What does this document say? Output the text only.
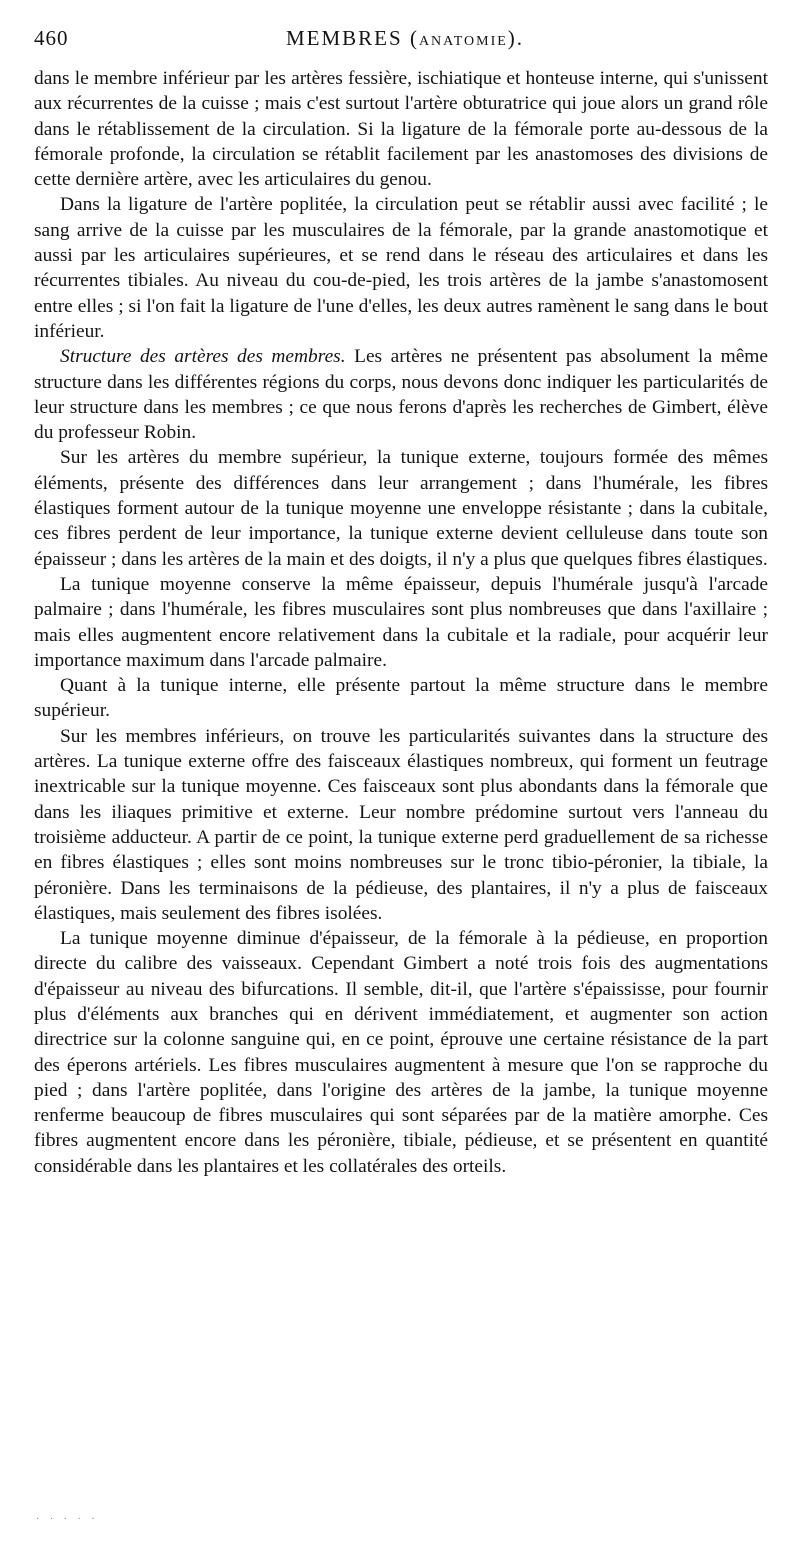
460	MEMBRES (ANATOMIE).

dans le membre inférieur par les artères fessière, ischiatique et honteuse interne, qui s'unissent aux récurrentes de la cuisse ; mais c'est surtout l'artère obturatrice qui joue alors un grand rôle dans le rétablissement de la circulation. Si la ligature de la fémorale porte au-dessous de la fémorale profonde, la circulation se rétablit facilement par les anastomoses des divisions de cette dernière artère, avec les articulaires du genou.

Dans la ligature de l'artère poplitée, la circulation peut se rétablir aussi avec facilité ; le sang arrive de la cuisse par les musculaires de la fémorale, par la grande anastomotique et aussi par les articulaires supérieures, et se rend dans le réseau des articulaires et dans les récurrentes tibiales. Au niveau du cou-de-pied, les trois artères de la jambe s'anastomosent entre elles ; si l'on fait la ligature de l'une d'elles, les deux autres ramènent le sang dans le bout inférieur.

Structure des artères des membres. Les artères ne présentent pas absolument la même structure dans les différentes régions du corps, nous devons donc indiquer les particularités de leur structure dans les membres ; ce que nous ferons d'après les recherches de Gimbert, élève du professeur Robin.

Sur les artères du membre supérieur, la tunique externe, toujours formée des mêmes éléments, présente des différences dans leur arrangement ; dans l'humérale, les fibres élastiques forment autour de la tunique moyenne une enveloppe résistante ; dans la cubitale, ces fibres perdent de leur importance, la tunique externe devient celluleuse dans toute son épaisseur ; dans les artères de la main et des doigts, il n'y a plus que quelques fibres élastiques.

La tunique moyenne conserve la même épaisseur, depuis l'humérale jusqu'à l'arcade palmaire ; dans l'humérale, les fibres musculaires sont plus nombreuses que dans l'axillaire ; mais elles augmentent encore relativement dans la cubitale et la radiale, pour acquérir leur importance maximum dans l'arcade palmaire.

Quant à la tunique interne, elle présente partout la même structure dans le membre supérieur.

Sur les membres inférieurs, on trouve les particularités suivantes dans la structure des artères. La tunique externe offre des faisceaux élastiques nombreux, qui forment un feutrage inextricable sur la tunique moyenne. Ces faisceaux sont plus abondants dans la fémorale que dans les iliaques primitive et externe. Leur nombre prédomine surtout vers l'anneau du troisième adducteur. A partir de ce point, la tunique externe perd graduellement de sa richesse en fibres élastiques ; elles sont moins nombreuses sur le tronc tibio-péronier, la tibiale, la péronière. Dans les terminaisons de la pédieuse, des plantaires, il n'y a plus de faisceaux élastiques, mais seulement des fibres isolées.

La tunique moyenne diminue d'épaisseur, de la fémorale à la pédieuse, en proportion directe du calibre des vaisseaux. Cependant Gimbert a noté trois fois des augmentations d'épaisseur au niveau des bifurcations. Il semble, dit-il, que l'artère s'épaississe, pour fournir plus d'éléments aux branches qui en dérivent immédiatement, et augmenter son action directrice sur la colonne sanguine qui, en ce point, éprouve une certaine résistance de la part des éperons artériels. Les fibres musculaires augmentent à mesure que l'on se rapproche du pied ; dans l'artère poplitée, dans l'origine des artères de la jambe, la tunique moyenne renferme beaucoup de fibres musculaires qui sont séparées par de la matière amorphe. Ces fibres augmentent encore dans les péronière, tibiale, pédieuse, et se présentent en quantité considérable dans les plantaires et les collatérales des orteils.

· · · · ·
